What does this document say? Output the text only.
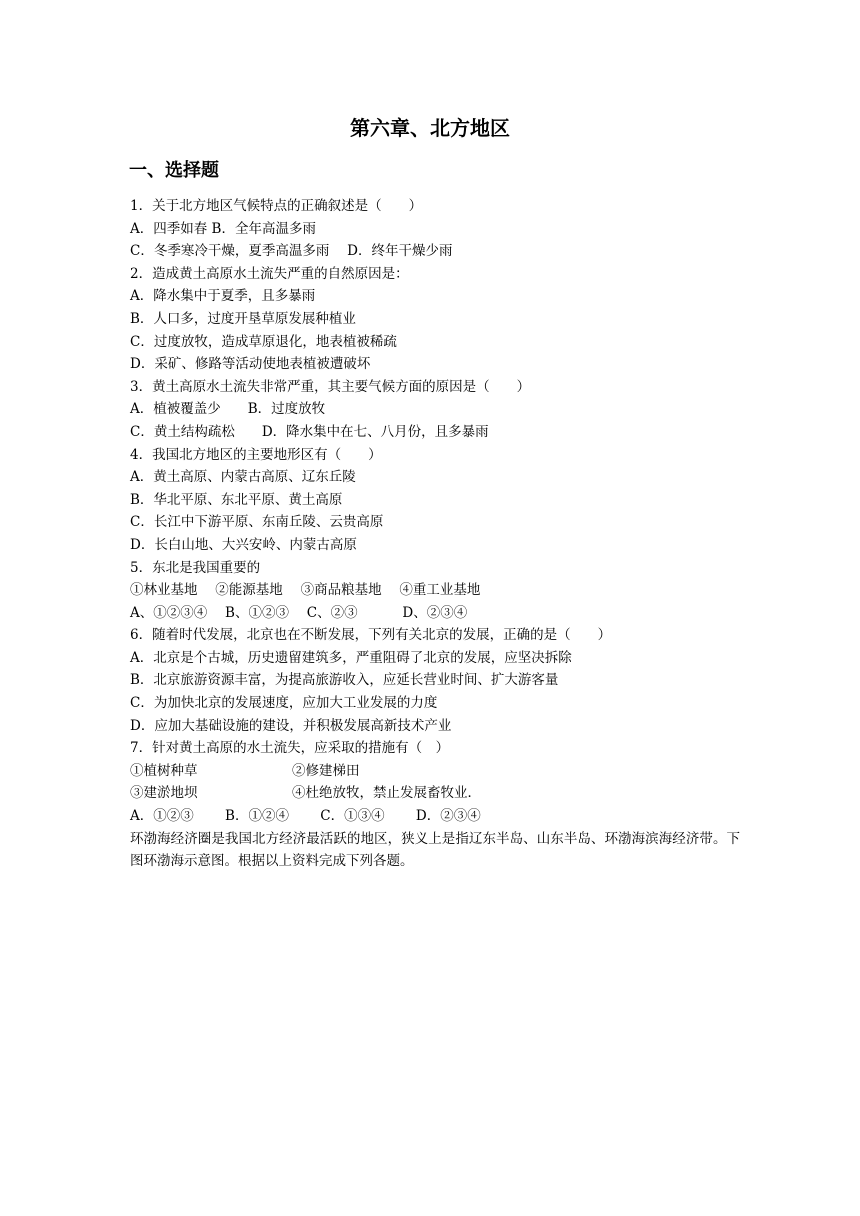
第六章、北方地区
一、选择题
1．关于北方地区气候特点的正确叙述是（　　）
A．四季如春 B．全年高温多雨
C．冬季寒冷干燥，夏季高温多雨　 D．终年干燥少雨
2．造成黄土高原水土流失严重的自然原因是：
A．降水集中于夏季，且多暴雨
B．人口多，过度开垦草原发展种植业
C．过度放牧，造成草原退化，地表植被稀疏
D．采矿、修路等活动使地表植被遭破坏
3．黄土高原水土流失非常严重，其主要气候方面的原因是（　　）
A．植被覆盖少　　B．过度放牧
C．黄土结构疏松　　D．降水集中在七、八月份，且多暴雨
4．我国北方地区的主要地形区有（　　）
A．黄土高原、内蒙古高原、辽东丘陵
B．华北平原、东北平原、黄土高原
C．长江中下游平原、东南丘陵、云贵高原
D．长白山地、大兴安岭、内蒙古高原
5．东北是我国重要的
①林业基地　 ②能源基地　 ③商品粮基地　 ④重工业基地
A、①②③④　 B、①②③　 C、②③　　　 D、②③④
6．随着时代发展，北京也在不断发展，下列有关北京的发展，正确的是（　　）
A．北京是个古城，历史遗留建筑多，严重阻碍了北京的发展，应坚决拆除
B．北京旅游资源丰富，为提高旅游收入，应延长营业时间、扩大游客量
C．为加快北京的发展速度，应加大工业发展的力度
D．应加大基础设施的建设，并积极发展高新技术产业
7．针对黄土高原的水土流失，应采取的措施有（　）
①植树种草　　　　　　　②修建梯田
③建淤地坝　　　　　　　④杜绝放牧，禁止发展畜牧业．
A．①②③　　 B．①②④　　 C．①③④　　 D．②③④
环渤海经济圈是我国北方经济最活跃的地区，狭义上是指辽东半岛、山东半岛、环渤海滨海经济带。下图环渤海示意图。根据以上资料完成下列各题。
